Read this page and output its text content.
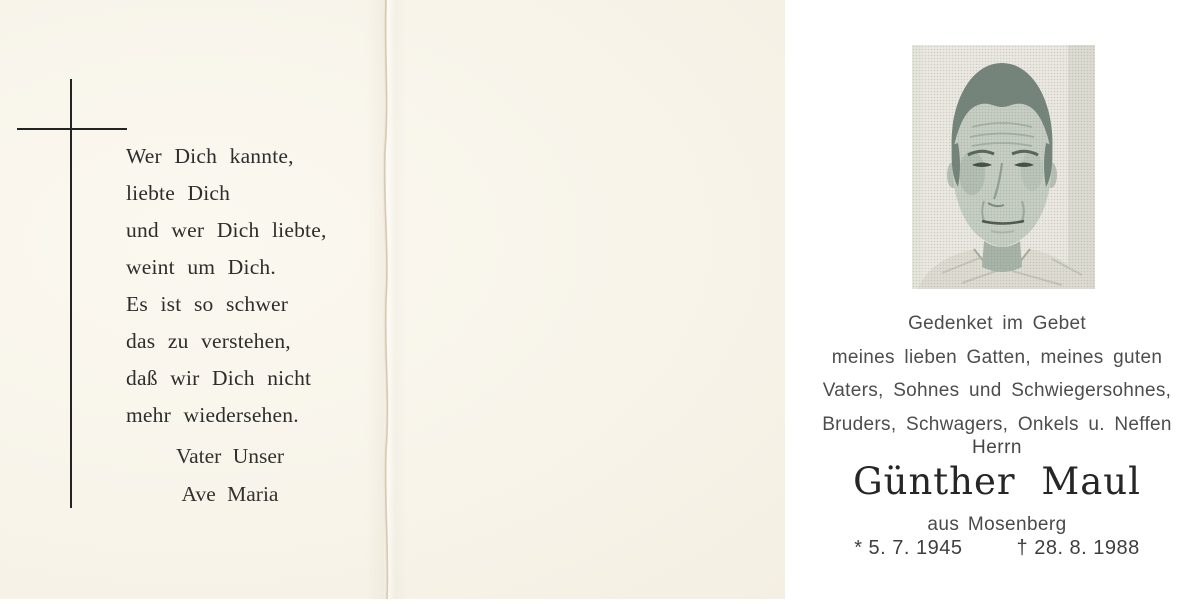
Wer Dich kannte,
liebte Dich
und wer Dich liebte,
weint um Dich.
Es ist so schwer
das zu verstehen,
daß wir Dich nicht
mehr wiedersehen.
Vater Unser
Ave Maria
Gedenket im Gebet
meines lieben Gatten, meines guten
Vaters, Sohnes und Schwiegersohnes,
Bruders, Schwagers, Onkels u. Neffen
Herrn
Günther Maul
aus Mosenberg
* 5. 7. 1945	† 28. 8. 1988
